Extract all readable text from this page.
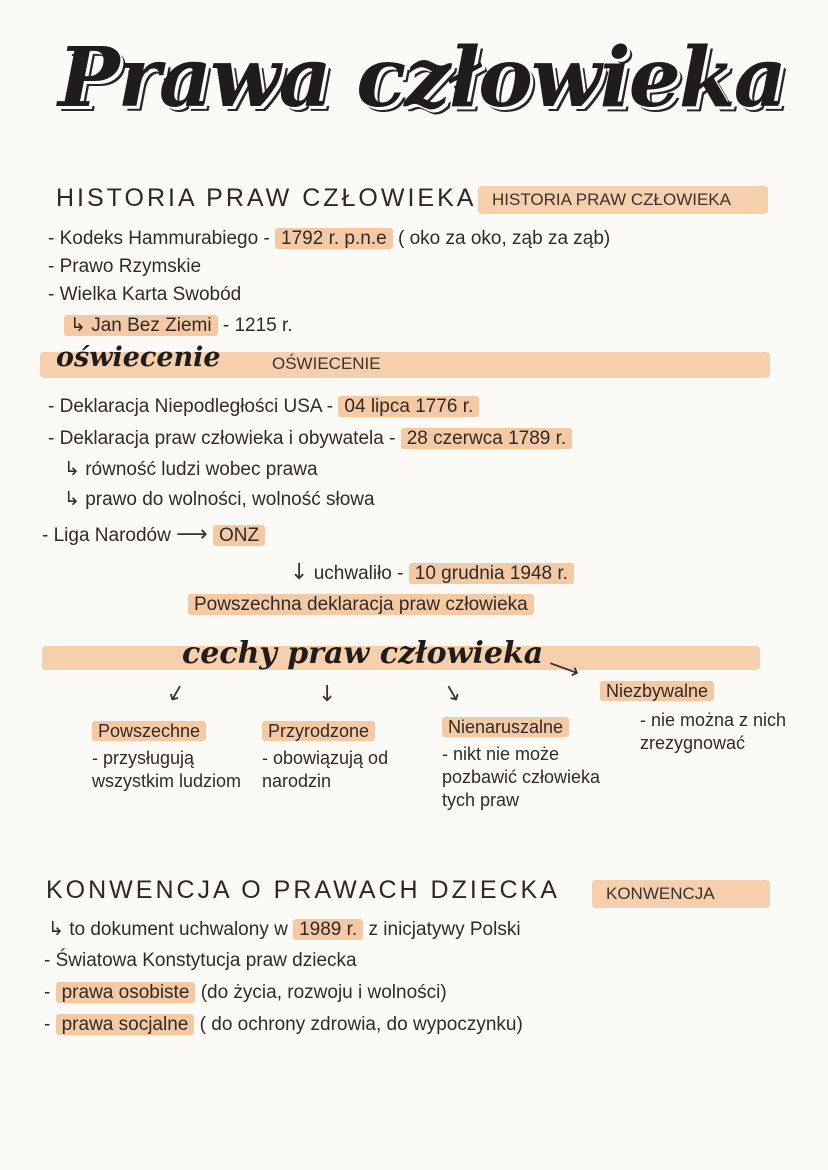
Prawa człowieka
HISTORIA PRAW CZŁOWIEKA HISTORIA PRAW CZŁOWIEKA
- Kodeks Hammurabiego - 1792 r. p.n.e ( oko za oko, ząb za ząb)
- Prawo Rzymskie
- Wielka Karta Swobód
↳ Jan Bez Ziemi - 1215 r.
oświecenie	OŚWIECENIE
- Deklaracja Niepodległości USA - 04 lipca 1776 r.
- Deklaracja praw człowieka i obywatela - 28 czerwca 1789 r.
↳ równość ludzi wobec prawa
↳ prawo do wolności, wolność słowa
- Liga Narodów ⟶ ONZ
↓ uchwaliło - 10 grudnia 1948 r.
Powszechna deklaracja praw człowieka
cechy praw człowieka ⟶
↓	↓	↓
Powszechne
- przysługują wszystkim ludziom
Przyrodzone
- obowiązują od narodzin
Nienaruszalne
- nikt nie może pozbawić człowieka tych praw
Niezbywalne
- nie można z nich zrezygnować
KONWENCJA O PRAWACH DZIECKA	KONWENCJA
↳ to dokument uchwalony w 1989 r. z inicjatywy Polski
- Światowa Konstytucja praw dziecka
- prawa osobiste (do życia, rozwoju i wolności)
- prawa socjalne ( do ochrony zdrowia, do wypoczynku)
